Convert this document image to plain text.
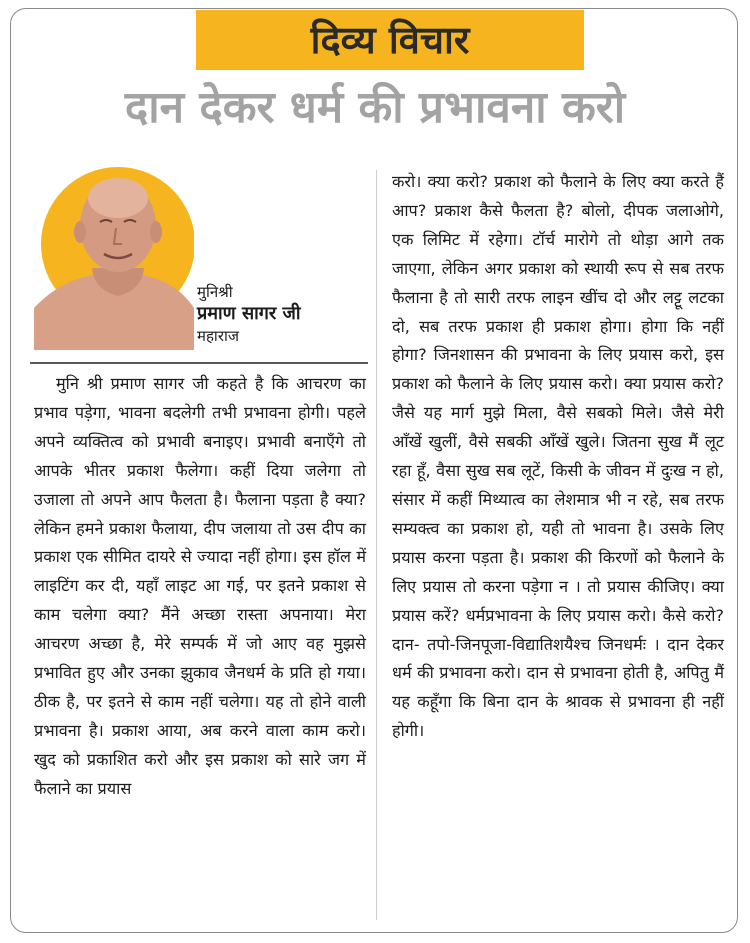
दिव्य विचार
दान देकर धर्म की प्रभावना करो
मुनिश्री
प्रमाण सागर जी
महाराज

मुनि श्री प्रमाण सागर जी कहते है कि आचरण का प्रभाव पड़ेगा, भावना बदलेगी तभी प्रभावना होगी। पहले अपने व्यक्तित्व को प्रभावी बनाइए। प्रभावी बनाएँगे तो आपके भीतर प्रकाश फैलेगा। कहीं दिया जलेगा तो उजाला तो अपने आप फैलता है। फैलाना पड़ता है क्या? लेकिन हमने प्रकाश फैलाया, दीप जलाया तो उस दीप का प्रकाश एक सीमित दायरे से ज्यादा नहीं होगा। इस हॉल में लाइटिंग कर दी, यहाँ लाइट आ गई, पर इतने प्रकाश से काम चलेगा क्या? मैंने अच्छा रास्ता अपनाया। मेरा आचरण अच्छा है, मेरे सम्पर्क में जो आए वह मुझसे प्रभावित हुए और उनका झुकाव जैनधर्म के प्रति हो गया। ठीक है, पर इतने से काम नहीं चलेगा। यह तो होने वाली प्रभावना है। प्रकाश आया, अब करने वाला काम करो। खुद को प्रकाशित करो और इस प्रकाश को सारे जग में फैलाने का प्रयास

करो। क्या करो? प्रकाश को फैलाने के लिए क्या करते हैं आप? प्रकाश कैसे फैलता है? बोलो, दीपक जलाओगे, एक लिमिट में रहेगा। टॉर्च मारोगे तो थोड़ा आगे तक जाएगा, लेकिन अगर प्रकाश को स्थायी रूप से सब तरफ फैलाना है तो सारी तरफ लाइन खींच दो और लट्टू लटका दो, सब तरफ प्रकाश ही प्रकाश होगा। होगा कि नहीं होगा? जिनशासन की प्रभावना के लिए प्रयास करो, इस प्रकाश को फैलाने के लिए प्रयास करो। क्या प्रयास करो? जैसे यह मार्ग मुझे मिला, वैसे सबको मिले। जैसे मेरी आँखें खुलीं, वैसे सबकी आँखें खुले। जितना सुख मैं लूट रहा हूँ, वैसा सुख सब लूटें, किसी के जीवन में दुःख न हो, संसार में कहीं मिथ्यात्व का लेशमात्र भी न रहे, सब तरफ सम्यक्त्व का प्रकाश हो, यही तो भावना है। उसके लिए प्रयास करना पड़ता है। प्रकाश की किरणों को फैलाने के लिए प्रयास तो करना पड़ेगा न । तो प्रयास कीजिए। क्या प्रयास करें? धर्मप्रभावना के लिए प्रयास करो। कैसे करो? दान- तपो-जिनपूजा-विद्यातिशयैश्च जिनधर्मः । दान देकर धर्म की प्रभावना करो। दान से प्रभावना होती है, अपितु मैं यह कहूँगा कि बिना दान के श्रावक से प्रभावना ही नहीं होगी।
